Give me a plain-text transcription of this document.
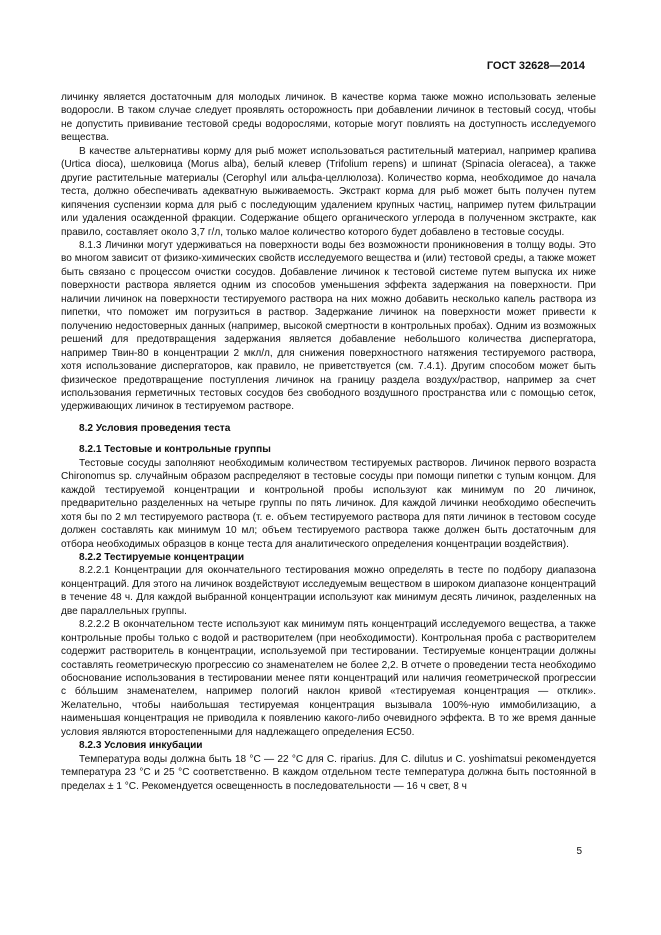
ГОСТ 32628—2014

личинку является достаточным для молодых личинок. В качестве корма также можно использовать зеленые водоросли. В таком случае следует проявлять осторожность при добавлении личинок в тестовый сосуд, чтобы не допустить прививание тестовой среды водорослями, которые могут повлиять на доступность исследуемого вещества.

В качестве альтернативы корму для рыб может использоваться растительный материал, например крапива (Urtica dioca), шелковица (Morus alba), белый клевер (Trifolium repens) и шпинат (Spinacia oleracea), а также другие растительные материалы (Cerophyl или альфа-целлюлоза). Количество корма, необходимое до начала теста, должно обеспечивать адекватную выживаемость. Экстракт корма для рыб может быть получен путем кипячения суспензии корма для рыб с последующим удалением крупных частиц, например путем фильтрации или удаления осажденной фракции. Содержание общего органического углерода в полученном экстракте, как правило, составляет около 3,7 г/л, только малое количество которого будет добавлено в тестовые сосуды.

8.1.3 Личинки могут удерживаться на поверхности воды без возможности проникновения в толщу воды. Это во многом зависит от физико-химических свойств исследуемого вещества и (или) тестовой среды, а также может быть связано с процессом очистки сосудов. Добавление личинок к тестовой системе путем выпуска их ниже поверхности раствора является одним из способов уменьшения эффекта задержания на поверхности. При наличии личинок на поверхности тестируемого раствора на них можно добавить несколько капель раствора из пипетки, что поможет им погрузиться в раствор. Задержание личинок на поверхности может привести к получению недостоверных данных (например, высокой смертности в контрольных пробах). Одним из возможных решений для предотвращения задержания является добавление небольшого количества диспергатора, например Твин-80 в концентрации 2 мкл/л, для снижения поверхностного натяжения тестируемого раствора, хотя использование диспергаторов, как правило, не приветствуется (см. 7.4.1). Другим способом может быть физическое предотвращение поступления личинок на границу раздела воздух/раствор, например за счет использования герметичных тестовых сосудов без свободного воздушного пространства или с помощью сеток, удерживающих личинок в тестируемом растворе.

8.2 Условия проведения теста
8.2.1 Тестовые и контрольные группы

Тестовые сосуды заполняют необходимым количеством тестируемых растворов. Личинок первого возраста Chironomus sp. случайным образом распределяют в тестовые сосуды при помощи пипетки с тупым концом. Для каждой тестируемой концентрации и контрольной пробы используют как минимум по 20 личинок, предварительно разделенных на четыре группы по пять личинок. Для каждой личинки необходимо обеспечить хотя бы по 2 мл тестируемого раствора (т. е. объем тестируемого раствора для пяти личинок в тестовом сосуде должен составлять как минимум 10 мл; объем тестируемого раствора также должен быть достаточным для отбора необходимых образцов в конце теста для аналитического определения концентрации воздействия).

8.2.2 Тестируемые концентрации

8.2.2.1 Концентрации для окончательного тестирования можно определять в тесте по подбору диапазона концентраций. Для этого на личинок воздействуют исследуемым веществом в широком диапазоне концентраций в течение 48 ч. Для каждой выбранной концентрации используют как минимум десять личинок, разделенных на две параллельных группы.

8.2.2.2 В окончательном тесте используют как минимум пять концентраций исследуемого вещества, а также контрольные пробы только с водой и растворителем (при необходимости). Контрольная проба с растворителем содержит растворитель в концентрации, используемой при тестировании. Тестируемые концентрации должны составлять геометрическую прогрессию со знаменателем не более 2,2. В отчете о проведении теста необходимо обоснование использования в тестировании менее пяти концентраций или наличия геометрической прогрессии с бо́льшим знаменателем, например пологий наклон кривой «тестируемая концентрация — отклик». Желательно, чтобы наибольшая тестируемая концентрация вызывала 100%-ную иммобилизацию, а наименьшая концентрация не приводила к появлению какого-либо очевидного эффекта. В то же время данные условия являются второстепенными для надлежащего определения EC50.

8.2.3 Условия инкубации

Температура воды должна быть 18 °С — 22 °С для C. riparius. Для C. dilutus и C. yoshimatsui рекомендуется температура 23 °С и 25 °С соответственно. В каждом отдельном тесте температура должна быть постоянной в пределах ± 1 °С. Рекомендуется освещенность в последовательности — 16 ч свет, 8 ч

5
